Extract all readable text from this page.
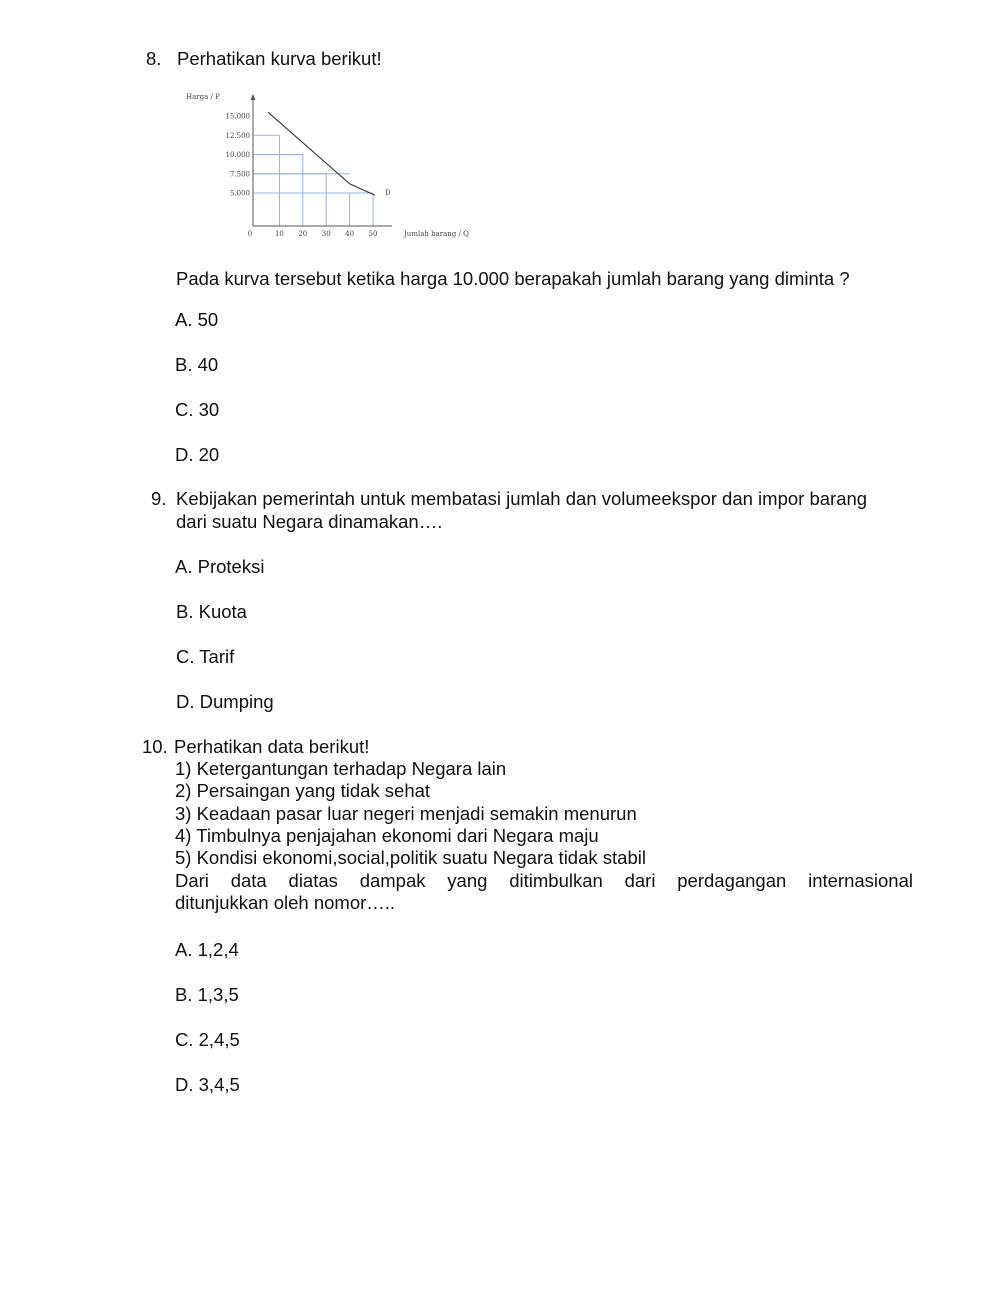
8. Perhatikan kurva berikut!
15.000
12.500
10.000
7.500
5.000
0	10 20 30 40 50
Harga / P
Jumlah barang / Q
D
Pada kurva tersebut ketika harga 10.000 berapakah jumlah barang yang diminta ?
A. 50
B. 40
C. 30
D. 20
9. Kebijakan pemerintah untuk membatasi jumlah dan volumeekspor dan impor barang
dari suatu Negara dinamakan….
A. Proteksi
B. Kuota
C. Tarif
D. Dumping
10. Perhatikan data berikut!
1) Ketergantungan terhadap Negara lain
2) Persaingan yang tidak sehat
3) Keadaan pasar luar negeri menjadi semakin menurun
4) Timbulnya penjajahan ekonomi dari Negara maju
5) Kondisi ekonomi,social,politik suatu Negara tidak stabil
Dari data diatas dampak yang ditimbulkan dari perdagangan internasional
ditunjukkan oleh nomor…..
A. 1,2,4
B. 1,3,5
C. 2,4,5
D. 3,4,5
